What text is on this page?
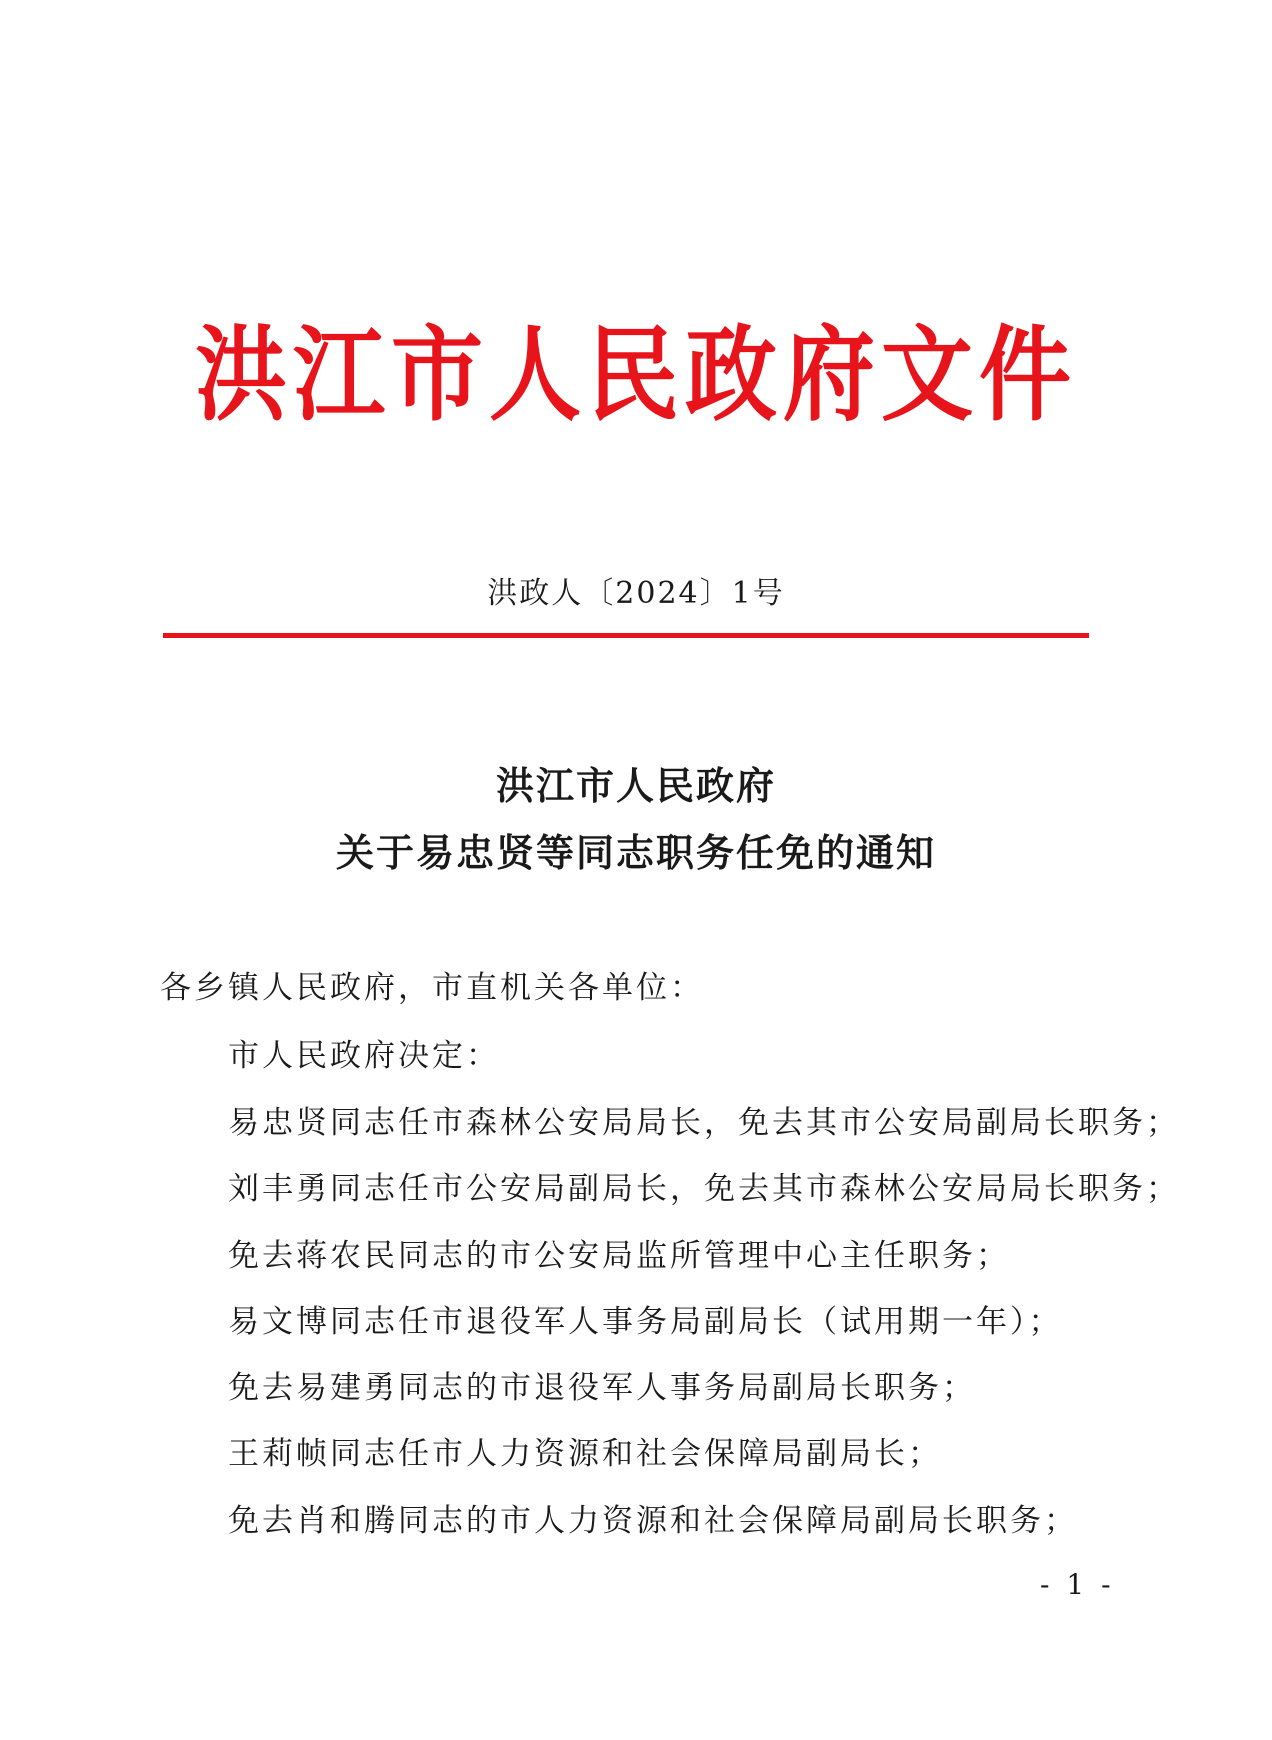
洪江市人民政府文件
洪政人〔2024〕1号
洪江市人民政府
关于易忠贤等同志职务任免的通知
各乡镇人民政府，市直机关各单位：
市人民政府决定：
易忠贤同志任市森林公安局局长，免去其市公安局副局长职务；
刘丰勇同志任市公安局副局长，免去其市森林公安局局长职务；
免去蒋农民同志的市公安局监所管理中心主任职务；
易文博同志任市退役军人事务局副局长（试用期一年）；
免去易建勇同志的市退役军人事务局副局长职务；
王莉帧同志任市人力资源和社会保障局副局长；
免去肖和腾同志的市人力资源和社会保障局副局长职务；
- 1 -
